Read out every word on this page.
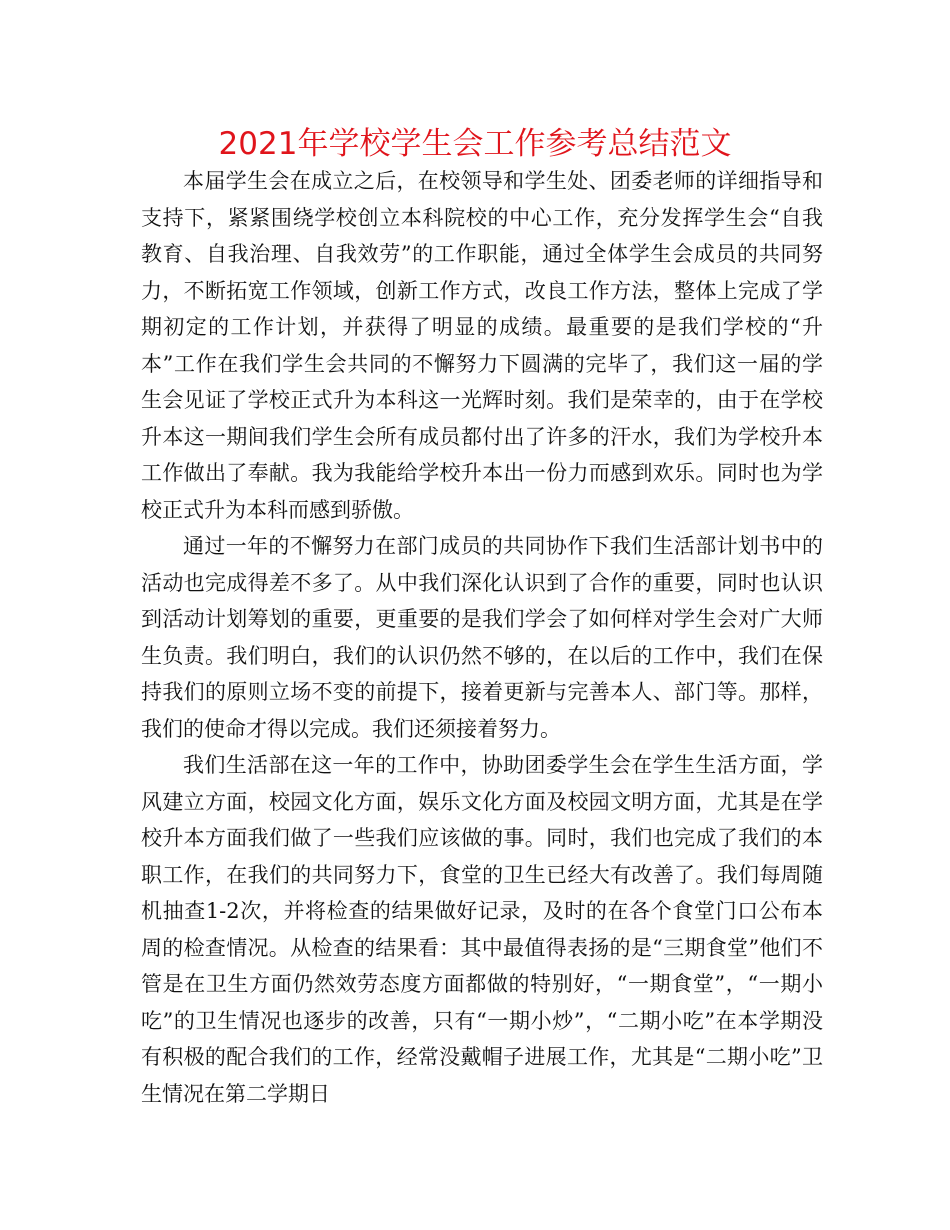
2021年学校学生会工作参考总结范文

本届学生会在成立之后，在校领导和学生处、团委老师的详细指导和支持下，紧紧围绕学校创立本科院校的中心工作，充分发挥学生会“自我教育、自我治理、自我效劳”的工作职能，通过全体学生会成员的共同努力，不断拓宽工作领域，创新工作方式，改良工作方法，整体上完成了学期初定的工作计划，并获得了明显的成绩。最重要的是我们学校的“升本”工作在我们学生会共同的不懈努力下圆满的完毕了，我们这一届的学生会见证了学校正式升为本科这一光辉时刻。我们是荣幸的，由于在学校升本这一期间我们学生会所有成员都付出了许多的汗水，我们为学校升本工作做出了奉献。我为我能给学校升本出一份力而感到欢乐。同时也为学校正式升为本科而感到骄傲。

通过一年的不懈努力在部门成员的共同协作下我们生活部计划书中的活动也完成得差不多了。从中我们深化认识到了合作的重要，同时也认识到活动计划筹划的重要，更重要的是我们学会了如何样对学生会对广大师生负责。我们明白，我们的认识仍然不够的，在以后的工作中，我们在保持我们的原则立场不变的前提下，接着更新与完善本人、部门等。那样，我们的使命才得以完成。我们还须接着努力。

我们生活部在这一年的工作中，协助团委学生会在学生生活方面，学风建立方面，校园文化方面，娱乐文化方面及校园文明方面，尤其是在学校升本方面我们做了一些我们应该做的事。同时，我们也完成了我们的本职工作，在我们的共同努力下，食堂的卫生已经大有改善了。我们每周随机抽查1-2次，并将检查的结果做好记录，及时的在各个食堂门口公布本周的检查情况。从检查的结果看：其中最值得表扬的是“三期食堂”他们不管是在卫生方面仍然效劳态度方面都做的特别好，“一期食堂”，“一期小吃”的卫生情况也逐步的改善，只有“一期小炒”，“二期小吃”在本学期没有积极的配合我们的工作，经常没戴帽子进展工作，尤其是“二期小吃”卫生情况在第二学期日
